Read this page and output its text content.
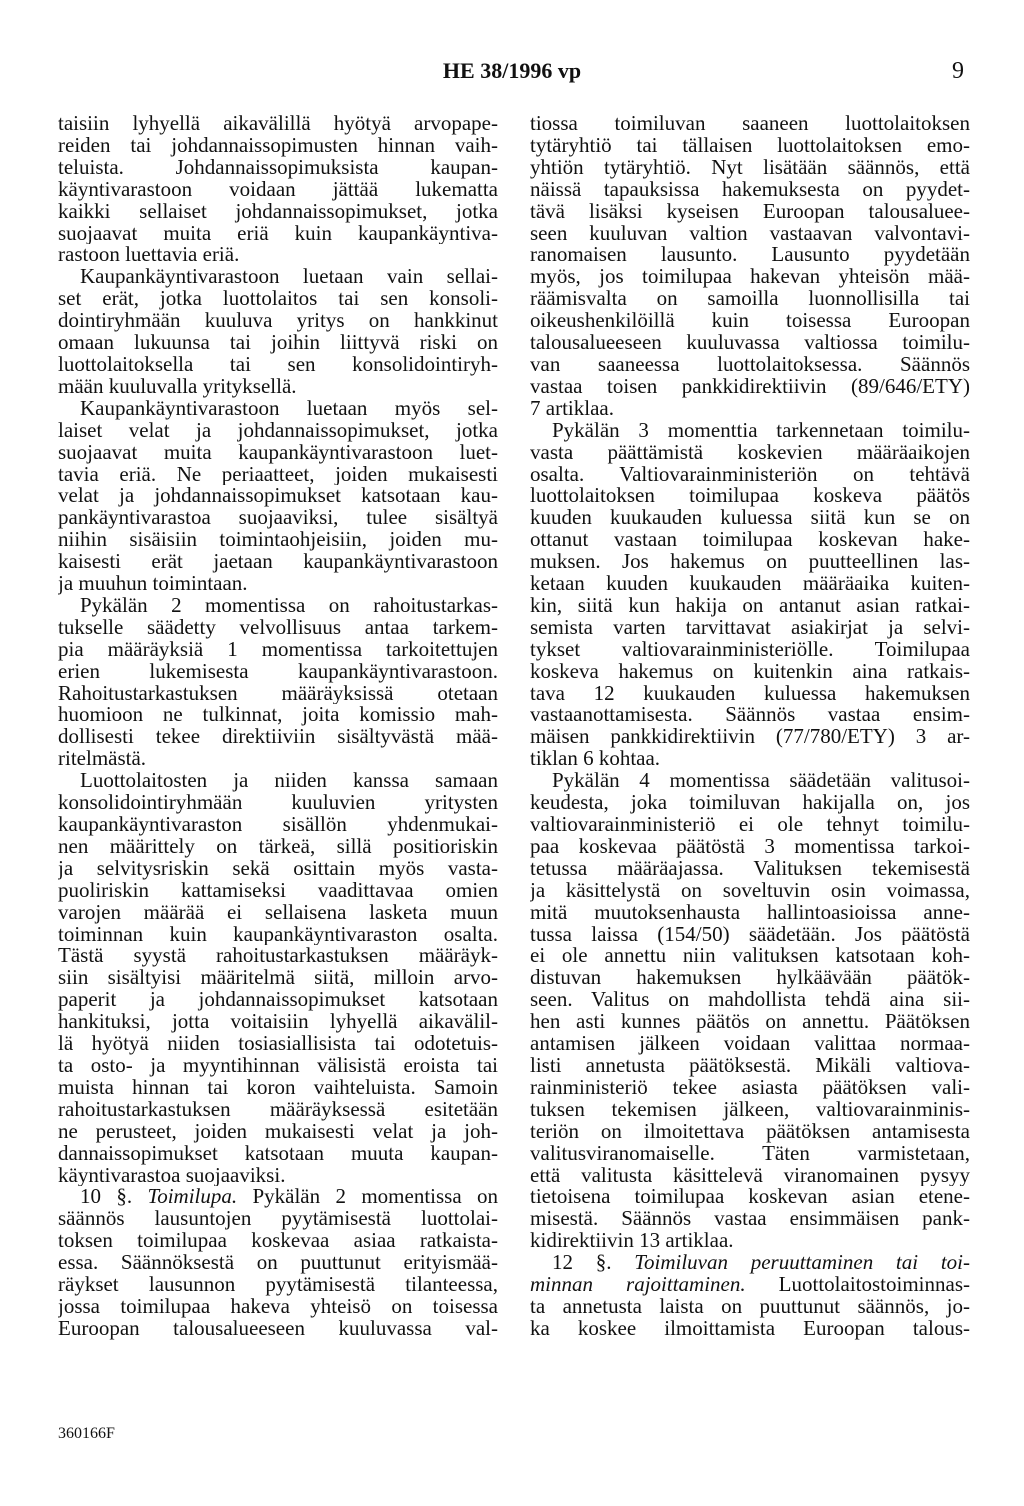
HE 38/1996 vp	9
taisiin lyhyellä aikavälillä hyötyä arvopape-
reiden tai johdannaissopimusten hinnan vaih-
teluista. Johdannaissopimuksista kaupan-
käyntivarastoon voidaan jättää lukematta
kaikki sellaiset johdannaissopimukset, jotka
suojaavat muita eriä kuin kaupankäyntiva-
rastoon luettavia eriä.
Kaupankäyntivarastoon luetaan vain sellai-
set erät, jotka luottolaitos tai sen konsoli-
dointiryhmään kuuluva yritys on hankkinut
omaan lukuunsa tai joihin liittyvä riski on
luottolaitoksella tai sen konsolidointiryh-
mään kuuluvalla yrityksellä.
Kaupankäyntivarastoon luetaan myös sel-
laiset velat ja johdannaissopimukset, jotka
suojaavat muita kaupankäyntivarastoon luet-
tavia eriä. Ne periaatteet, joiden mukaisesti
velat ja johdannaissopimukset katsotaan kau-
pankäyntivarastoa suojaaviksi, tulee sisältyä
niihin sisäisiin toimintaohjeisiin, joiden mu-
kaisesti erät jaetaan kaupankäyntivarastoon
ja muuhun toimintaan.
Pykälän 2 momentissa on rahoitustarkas-
tukselle säädetty velvollisuus antaa tarkem-
pia määräyksiä 1 momentissa tarkoitettujen
erien lukemisesta kaupankäyntivarastoon.
Rahoitustarkastuksen määräyksissä otetaan
huomioon ne tulkinnat, joita komissio mah-
dollisesti tekee direktiiviin sisältyvästä mää-
ritelmästä.
Luottolaitosten ja niiden kanssa samaan
konsolidointiryhmään kuuluvien yritysten
kaupankäyntivaraston sisällön yhdenmukai-
nen määrittely on tärkeä, sillä positioriskin
ja selvitysriskin sekä osittain myös vasta-
puoliriskin kattamiseksi vaadittavaa omien
varojen määrää ei sellaisena lasketa muun
toiminnan kuin kaupankäyntivaraston osalta.
Tästä syystä rahoitustarkastuksen määräyk-
siin sisältyisi määritelmä siitä, milloin arvo-
paperit ja johdannaissopimukset katsotaan
hankituksi, jotta voitaisiin lyhyellä aikavälil-
lä hyötyä niiden tosiasiallisista tai odotetuis-
ta osto- ja myyntihinnan välisistä eroista tai
muista hinnan tai koron vaihteluista. Samoin
rahoitustarkastuksen määräyksessä esitetään
ne perusteet, joiden mukaisesti velat ja joh-
dannaissopimukset katsotaan muuta kaupan-
käyntivarastoa suojaaviksi.
10 §. Toimilupa. Pykälän 2 momentissa on
säännös lausuntojen pyytämisestä luottolai-
toksen toimilupaa koskevaa asiaa ratkaista-
essa. Säännöksestä on puuttunut erityismää-
räykset lausunnon pyytämisestä tilanteessa,
jossa toimilupaa hakeva yhteisö on toisessa
Euroopan talousalueeseen kuuluvassa val-
tiossa toimiluvan saaneen luottolaitoksen
tytäryhtiö tai tällaisen luottolaitoksen emo-
yhtiön tytäryhtiö. Nyt lisätään säännös, että
näissä tapauksissa hakemuksesta on pyydet-
tävä lisäksi kyseisen Euroopan talousaluee-
seen kuuluvan valtion vastaavan valvontavi-
ranomaisen lausunto. Lausunto pyydetään
myös, jos toimilupaa hakevan yhteisön mää-
räämisvalta on samoilla luonnollisilla tai
oikeushenkilöillä kuin toisessa Euroopan
talousalueeseen kuuluvassa valtiossa toimilu-
van saaneessa luottolaitoksessa. Säännös
vastaa toisen pankkidirektiivin (89/646/ETY)
7 artiklaa.
Pykälän 3 momenttia tarkennetaan toimilu-
vasta päättämistä koskevien määräaikojen
osalta. Valtiovarainministeriön on tehtävä
luottolaitoksen toimilupaa koskeva päätös
kuuden kuukauden kuluessa siitä kun se on
ottanut vastaan toimilupaa koskevan hake-
muksen. Jos hakemus on puutteellinen las-
ketaan kuuden kuukauden määräaika kuiten-
kin, siitä kun hakija on antanut asian ratkai-
semista varten tarvittavat asiakirjat ja selvi-
tykset valtiovarainministeriölle. Toimilupaa
koskeva hakemus on kuitenkin aina ratkais-
tava 12 kuukauden kuluessa hakemuksen
vastaanottamisesta. Säännös vastaa ensim-
mäisen pankkidirektiivin (77/780/ETY) 3 ar-
tiklan 6 kohtaa.
Pykälän 4 momentissa säädetään valitusoi-
keudesta, joka toimiluvan hakijalla on, jos
valtiovarainministeriö ei ole tehnyt toimilu-
paa koskevaa päätöstä 3 momentissa tarkoi-
tetussa määräajassa. Valituksen tekemisestä
ja käsittelystä on soveltuvin osin voimassa,
mitä muutoksenhausta hallintoasioissa anne-
tussa laissa (154/50) säädetään. Jos päätöstä
ei ole annettu niin valituksen katsotaan koh-
distuvan hakemuksen hylkäävään päätök-
seen. Valitus on mahdollista tehdä aina sii-
hen asti kunnes päätös on annettu. Päätöksen
antamisen jälkeen voidaan valittaa normaa-
listi annetusta päätöksestä. Mikäli valtiova-
rainministeriö tekee asiasta päätöksen vali-
tuksen tekemisen jälkeen, valtiovarainminis-
teriön on ilmoitettava päätöksen antamisesta
valitusviranomaiselle. Täten varmistetaan,
että valitusta käsittelevä viranomainen pysyy
tietoisena toimilupaa koskevan asian etene-
misestä. Säännös vastaa ensimmäisen pank-
kidirektiivin 13 artiklaa.
12 §. Toimiluvan peruuttaminen tai toi-
minnan rajoittaminen. Luottolaitostoiminnas-
ta annetusta laista on puuttunut säännös, jo-
ka koskee ilmoittamista Euroopan talous-
360166F
